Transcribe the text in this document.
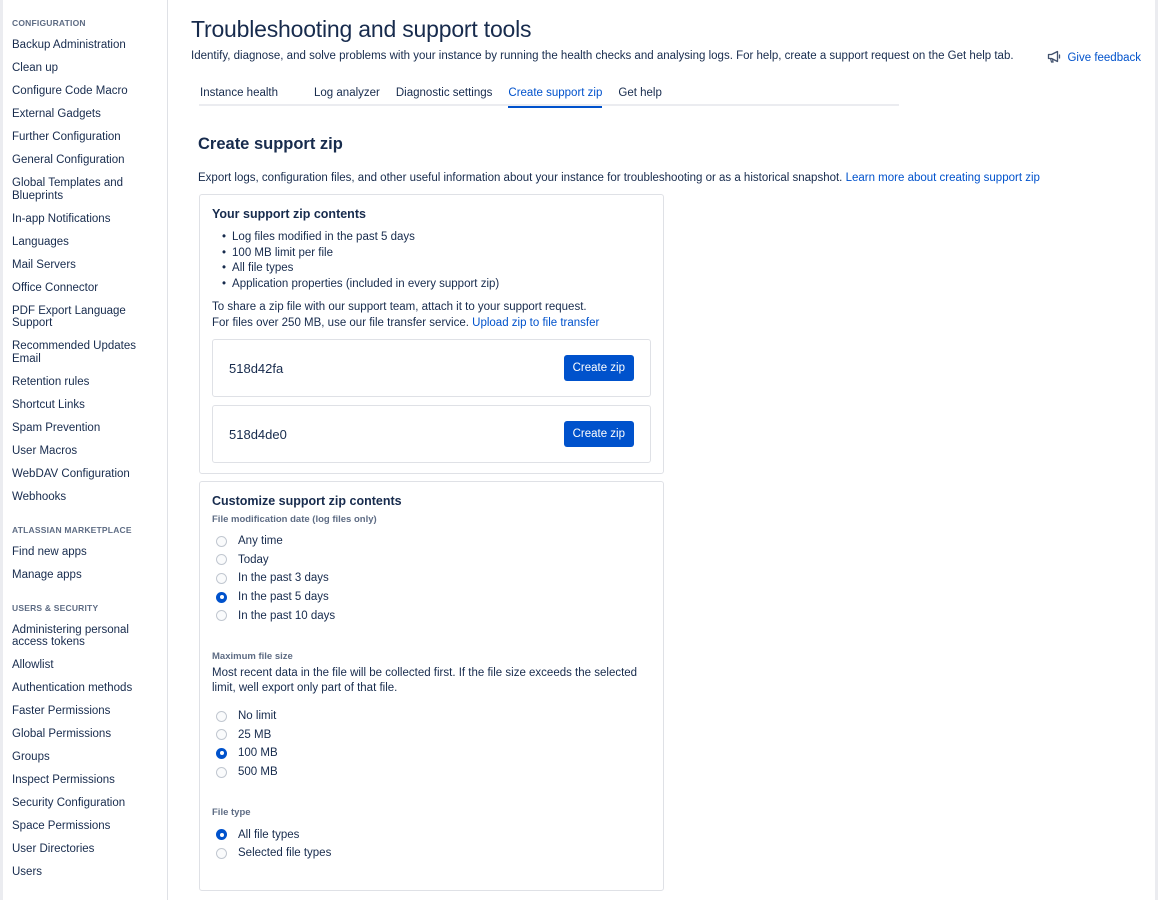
CONFIGURATION
Backup Administration
Clean up
Configure Code Macro
External Gadgets
Further Configuration
General Configuration
Global Templates and Blueprints
In-app Notifications
Languages
Mail Servers
Office Connector
PDF Export Language Support
Recommended Updates Email
Retention rules
Shortcut Links
Spam Prevention
User Macros
WebDAV Configuration
Webhooks
ATLASSIAN MARKETPLACE
Find new apps
Manage apps
USERS & SECURITY
Administering personal access tokens
Allowlist
Authentication methods
Faster Permissions
Global Permissions
Groups
Inspect Permissions
Security Configuration
Space Permissions
User Directories
Users
Troubleshooting and support tools
Identify, diagnose, and solve problems with your instance by running the health checks and analysing logs. For help, create a support request on the Get help tab.	Give feedback
Instance health	Log analyzer Diagnostic settings Create support zip Get help
Create support zip
Export logs, configuration files, and other useful information about your instance for troubleshooting or as a historical snapshot. Learn more about creating support zip
Your support zip contents
• Log files modified in the past 5 days
• 100 MB limit per file
• All file types
• Application properties (included in every support zip)
To share a zip file with our support team, attach it to your support request.
For files over 250 MB, use our file transfer service. Upload zip to file transfer
518d42fa	Create zip
518d4de0	Create zip
Customize support zip contents
File modification date (log files only)
Any time
Today
In the past 3 days
In the past 5 days
In the past 10 days
Maximum file size
Most recent data in the file will be collected first. If the file size exceeds the selected limit, well export only part of that file.
No limit
25 MB
100 MB
500 MB
File type
All file types
Selected file types
